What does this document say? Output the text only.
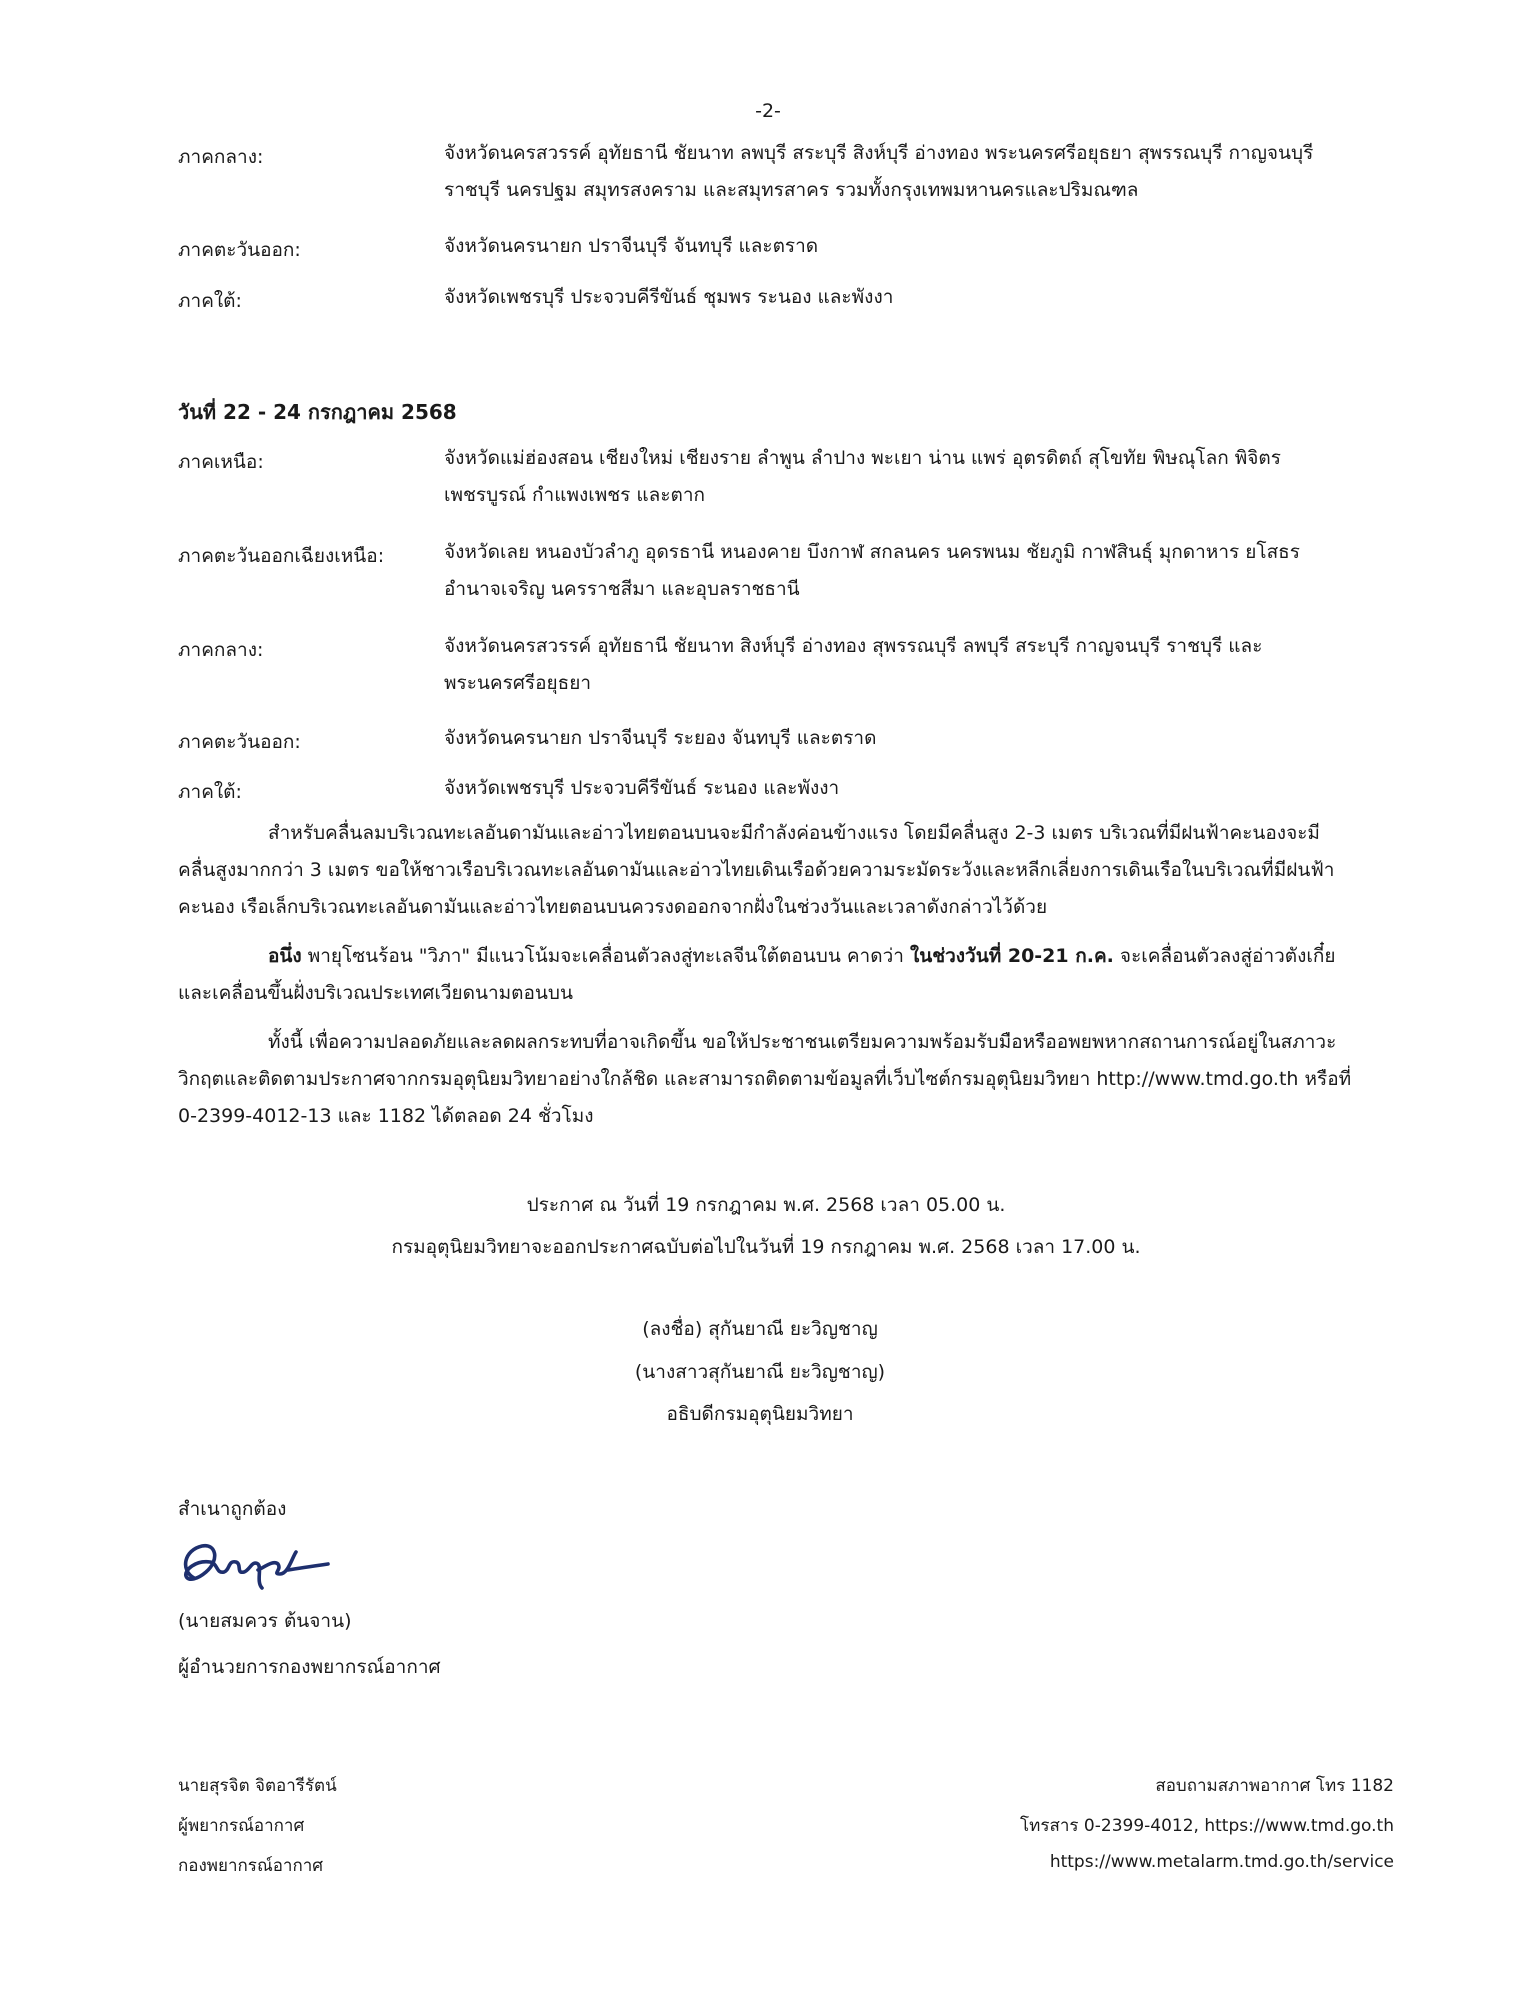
-2-
ภาคกลาง:	จังหวัดนครสวรรค์ อุทัยธานี ชัยนาท ลพบุรี สระบุรี สิงห์บุรี อ่างทอง พระนครศรีอยุธยา สุพรรณบุรี กาญจนบุรี ราชบุรี นครปฐม สมุทรสงคราม และสมุทรสาคร รวมทั้งกรุงเทพมหานครและปริมณฑล
ภาคตะวันออก:	จังหวัดนครนายก ปราจีนบุรี จันทบุรี และตราด
ภาคใต้:	จังหวัดเพชรบุรี ประจวบคีรีขันธ์ ชุมพร ระนอง และพังงา
วันที่ 22 - 24 กรกฎาคม 2568
ภาคเหนือ:	จังหวัดแม่ฮ่องสอน เชียงใหม่ เชียงราย ลำพูน ลำปาง พะเยา น่าน แพร่ อุตรดิตถ์ สุโขทัย พิษณุโลก พิจิตร เพชรบูรณ์ กำแพงเพชร และตาก
ภาคตะวันออกเฉียงเหนือ:	จังหวัดเลย หนองบัวลำภู อุดรธานี หนองคาย บึงกาฬ สกลนคร นครพนม ชัยภูมิ กาฬสินธุ์ มุกดาหาร ยโสธร อำนาจเจริญ นครราชสีมา และอุบลราชธานี
ภาคกลาง:	จังหวัดนครสวรรค์ อุทัยธานี ชัยนาท สิงห์บุรี อ่างทอง สุพรรณบุรี ลพบุรี สระบุรี กาญจนบุรี ราชบุรี และพระนครศรีอยุธยา
ภาคตะวันออก:	จังหวัดนครนายก ปราจีนบุรี ระยอง จันทบุรี และตราด
ภาคใต้:	จังหวัดเพชรบุรี ประจวบคีรีขันธ์ ระนอง และพังงา
สำหรับคลื่นลมบริเวณทะเลอันดามันและอ่าวไทยตอนบนจะมีกำลังค่อนข้างแรง โดยมีคลื่นสูง 2-3 เมตร บริเวณที่มีฝนฟ้าคะนองจะมีคลื่นสูงมากกว่า 3 เมตร ขอให้ชาวเรือบริเวณทะเลอันดามันและอ่าวไทยเดินเรือด้วยความระมัดระวังและหลีกเลี่ยงการเดินเรือในบริเวณที่มีฝนฟ้าคะนอง เรือเล็กบริเวณทะเลอันดามันและอ่าวไทยตอนบนควรงดออกจากฝั่งในช่วงวันและเวลาดังกล่าวไว้ด้วย
อนึ่ง พายุโซนร้อน "วิภา" มีแนวโน้มจะเคลื่อนตัวลงสู่ทะเลจีนใต้ตอนบน คาดว่า ในช่วงวันที่ 20-21 ก.ค. จะเคลื่อนตัวลงสู่อ่าวตังเกี๋ย และเคลื่อนขึ้นฝั่งบริเวณประเทศเวียดนามตอนบน
ทั้งนี้ เพื่อความปลอดภัยและลดผลกระทบที่อาจเกิดขึ้น ขอให้ประชาชนเตรียมความพร้อมรับมือหรืออพยพหากสถานการณ์อยู่ในสภาวะวิกฤตและติดตามประกาศจากกรมอุตุนิยมวิทยาอย่างใกล้ชิด และสามารถติดตามข้อมูลที่เว็บไซต์กรมอุตุนิยมวิทยา http://www.tmd.go.th หรือที่ 0-2399-4012-13 และ 1182 ได้ตลอด 24 ชั่วโมง
ประกาศ ณ วันที่ 19 กรกฎาคม พ.ศ. 2568 เวลา 05.00 น.
กรมอุตุนิยมวิทยาจะออกประกาศฉบับต่อไปในวันที่ 19 กรกฎาคม พ.ศ. 2568 เวลา 17.00 น.
(ลงชื่อ) สุกันยาณี ยะวิญชาญ
(นางสาวสุกันยาณี ยะวิญชาญ)
อธิบดีกรมอุตุนิยมวิทยา
สำเนาถูกต้อง
(นายสมควร ต้นจาน)
ผู้อำนวยการกองพยากรณ์อากาศ
นายสุรจิต จิตอารีรัตน์
ผู้พยากรณ์อากาศ
กองพยากรณ์อากาศ
สอบถามสภาพอากาศ โทร 1182
โทรสาร 0-2399-4012, https://www.tmd.go.th
https://www.metalarm.tmd.go.th/service
